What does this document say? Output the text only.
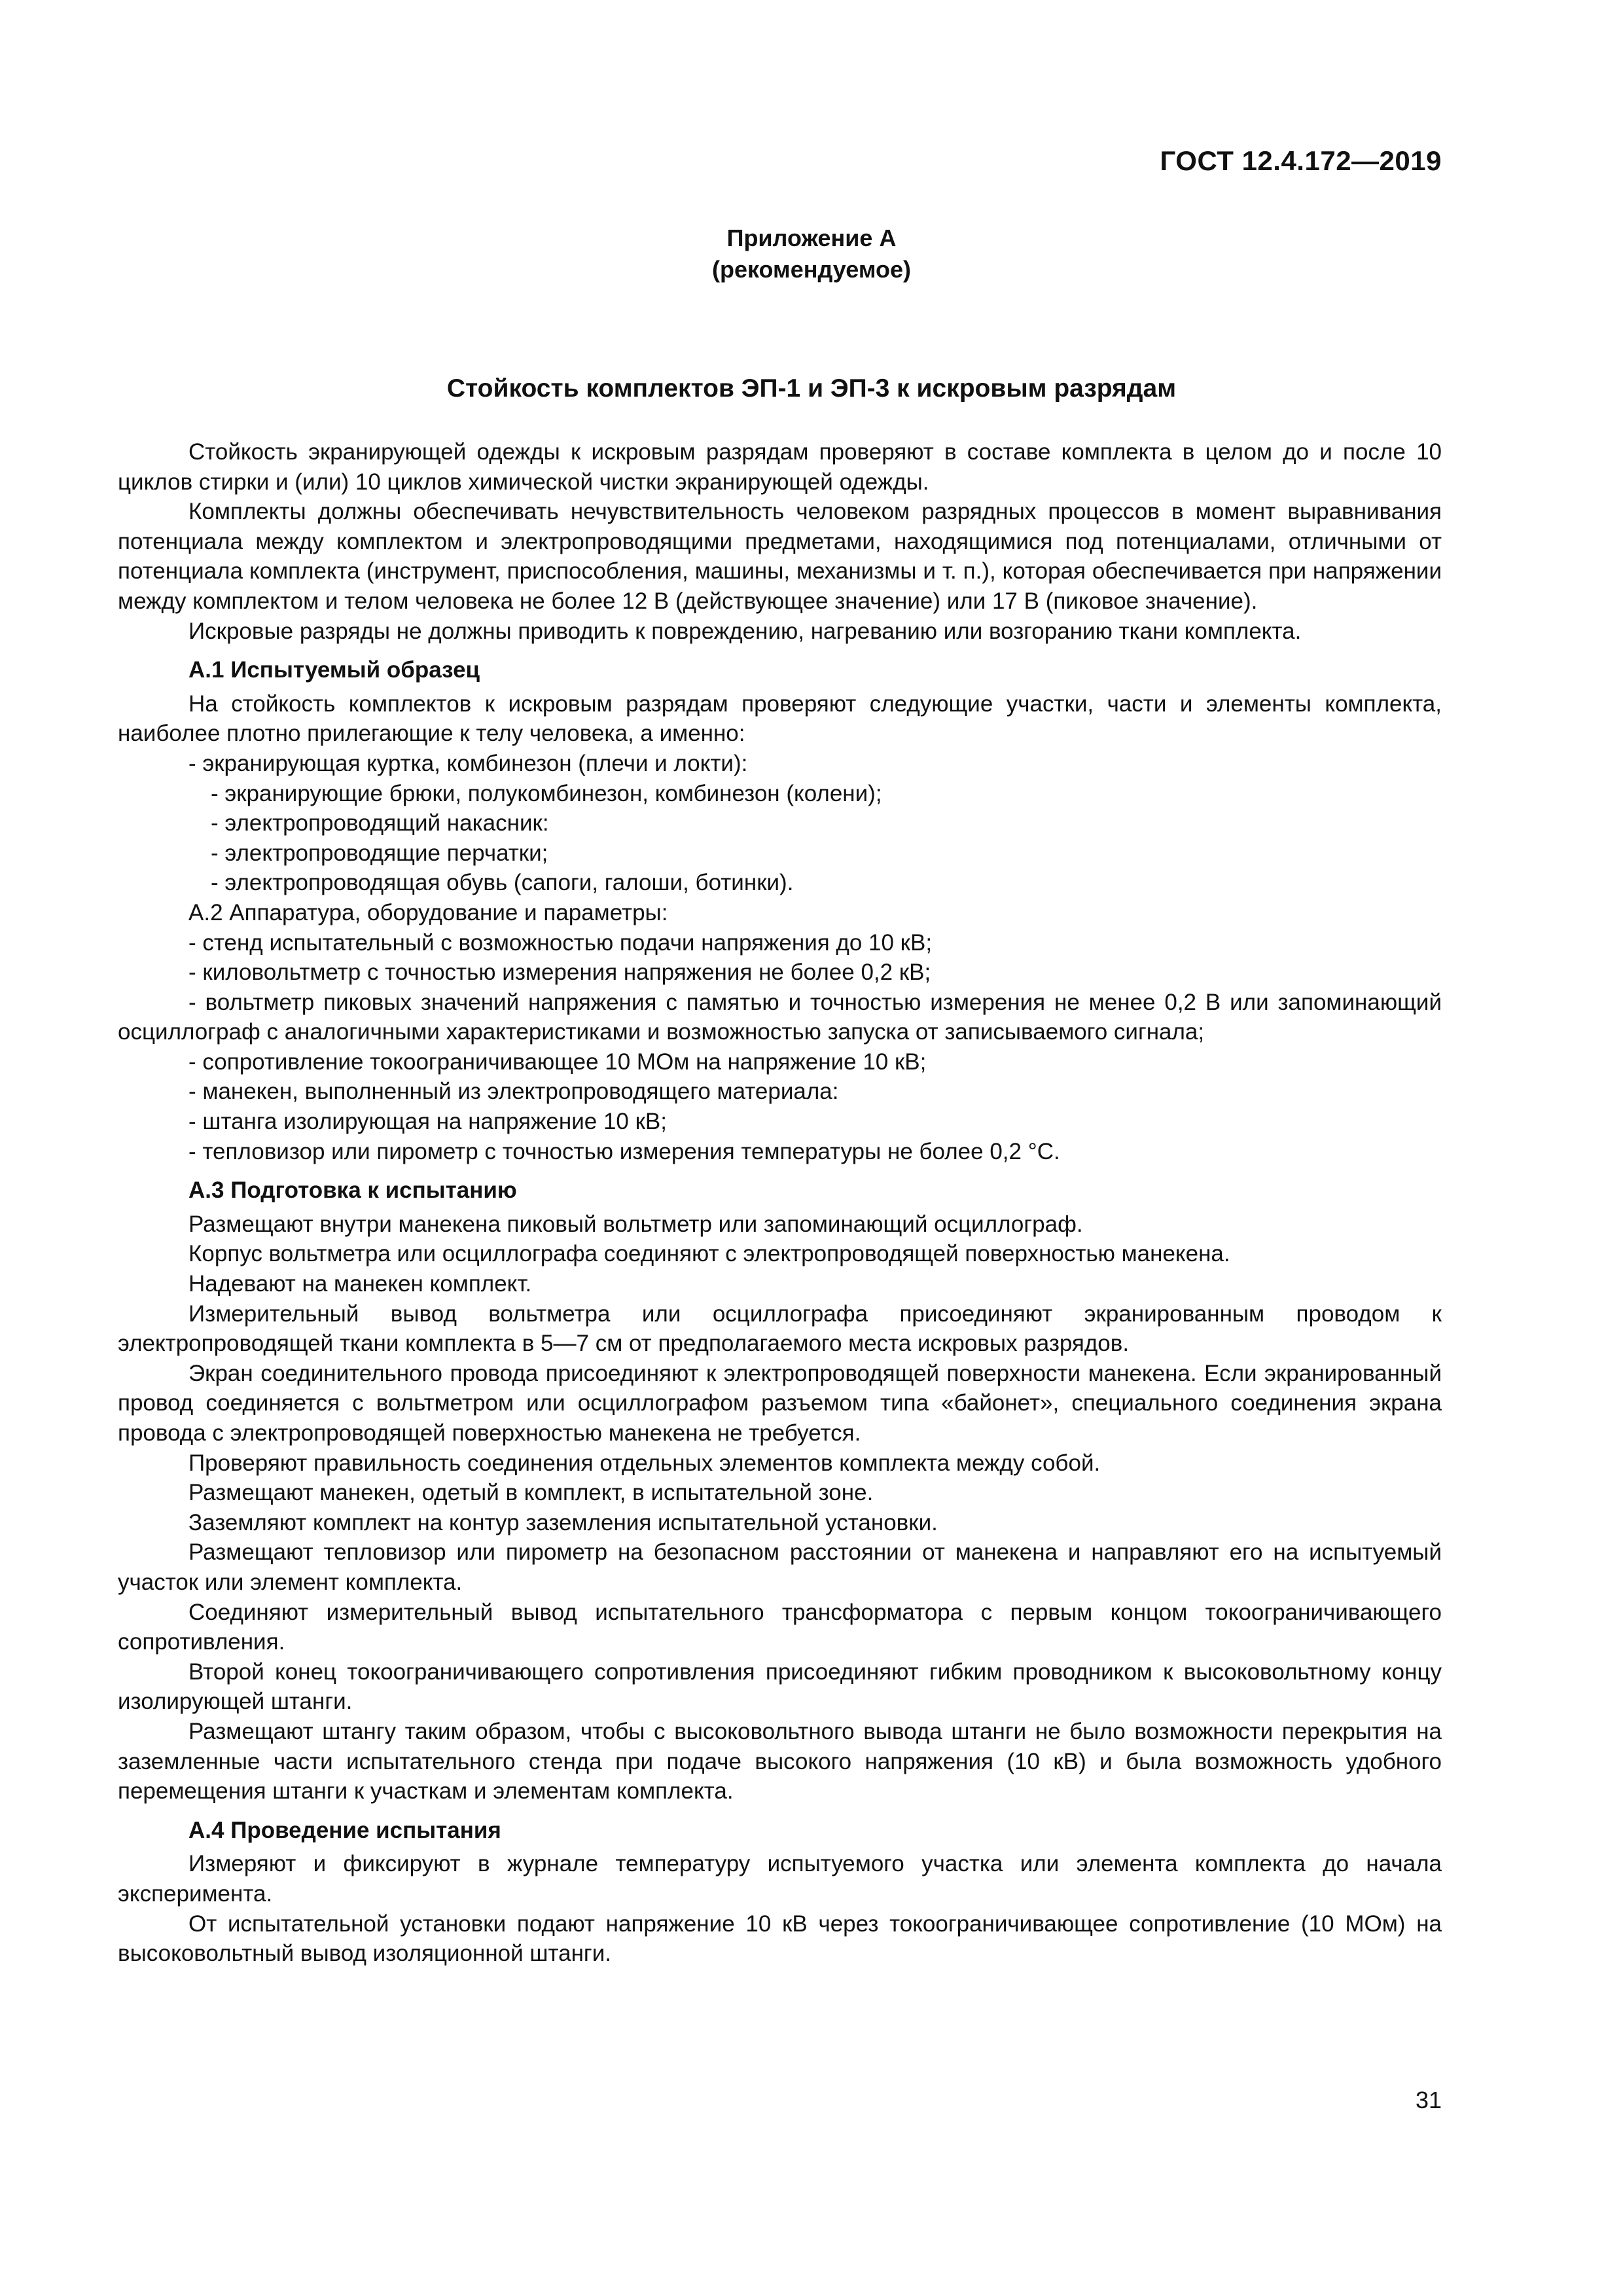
ГОСТ 12.4.172—2019
Приложение А
(рекомендуемое)
Стойкость комплектов ЭП-1 и ЭП-3 к искровым разрядам

Стойкость экранирующей одежды к искровым разрядам проверяют в составе комплекта в целом до и после 10 циклов стирки и (или) 10 циклов химической чистки экранирующей одежды.

Комплекты должны обеспечивать нечувствительность человеком разрядных процессов в момент выравнивания потенциала между комплектом и электропроводящими предметами, находящимися под потенциалами, отличными от потенциала комплекта (инструмент, приспособления, машины, механизмы и т. п.), которая обеспечивается при напряжении между комплектом и телом человека не более 12 В (действующее значение) или 17 В (пиковое значение).

Искровые разряды не должны приводить к повреждению, нагреванию или возгоранию ткани комплекта.

А.1 Испытуемый образец

На стойкость комплектов к искровым разрядам проверяют следующие участки, части и элементы комплекта, наиболее плотно прилегающие к телу человека, а именно:

- экранирующая куртка, комбинезон (плечи и локти):

- экранирующие брюки, полукомбинезон, комбинезон (колени);

- электропроводящий накасник:

- электропроводящие перчатки;

- электропроводящая обувь (сапоги, галоши, ботинки).

А.2 Аппаратура, оборудование и параметры:

- стенд испытательный с возможностью подачи напряжения до 10 кВ;

- киловольтметр с точностью измерения напряжения не более 0,2 кВ;

- вольтметр пиковых значений напряжения с памятью и точностью измерения не менее 0,2 В или запоминающий осциллограф с аналогичными характеристиками и возможностью запуска от записываемого сигнала;

- сопротивление токоограничивающее 10 МОм на напряжение 10 кВ;

- манекен, выполненный из электропроводящего материала:

- штанга изолирующая на напряжение 10 кВ;

- тепловизор или пирометр с точностью измерения температуры не более 0,2 °С.

А.3 Подготовка к испытанию

Размещают внутри манекена пиковый вольтметр или запоминающий осциллограф.

Корпус вольтметра или осциллографа соединяют с электропроводящей поверхностью манекена.

Надевают на манекен комплект.

Измерительный вывод вольтметра или осциллографа присоединяют экранированным проводом к электропроводящей ткани комплекта в 5—7 см от предполагаемого места искровых разрядов.

Экран соединительного провода присоединяют к электропроводящей поверхности манекена. Если экранированный провод соединяется с вольтметром или осциллографом разъемом типа «байонет», специального соединения экрана провода с электропроводящей поверхностью манекена не требуется.

Проверяют правильность соединения отдельных элементов комплекта между собой.

Размещают манекен, одетый в комплект, в испытательной зоне.

Заземляют комплект на контур заземления испытательной установки.

Размещают тепловизор или пирометр на безопасном расстоянии от манекена и направляют его на испытуемый участок или элемент комплекта.

Соединяют измерительный вывод испытательного трансформатора с первым концом токоограничивающего сопротивления.

Второй конец токоограничивающего сопротивления присоединяют гибким проводником к высоковольтному концу изолирующей штанги.

Размещают штангу таким образом, чтобы с высоковольтного вывода штанги не было возможности перекрытия на заземленные части испытательного стенда при подаче высокого напряжения (10 кВ) и была возможность удобного перемещения штанги к участкам и элементам комплекта.

А.4 Проведение испытания

Измеряют и фиксируют в журнале температуру испытуемого участка или элемента комплекта до начала эксперимента.

От испытательной установки подают напряжение 10 кВ через токоограничивающее сопротивление (10 МОм) на высоковольтный вывод изоляционной штанги.

31
